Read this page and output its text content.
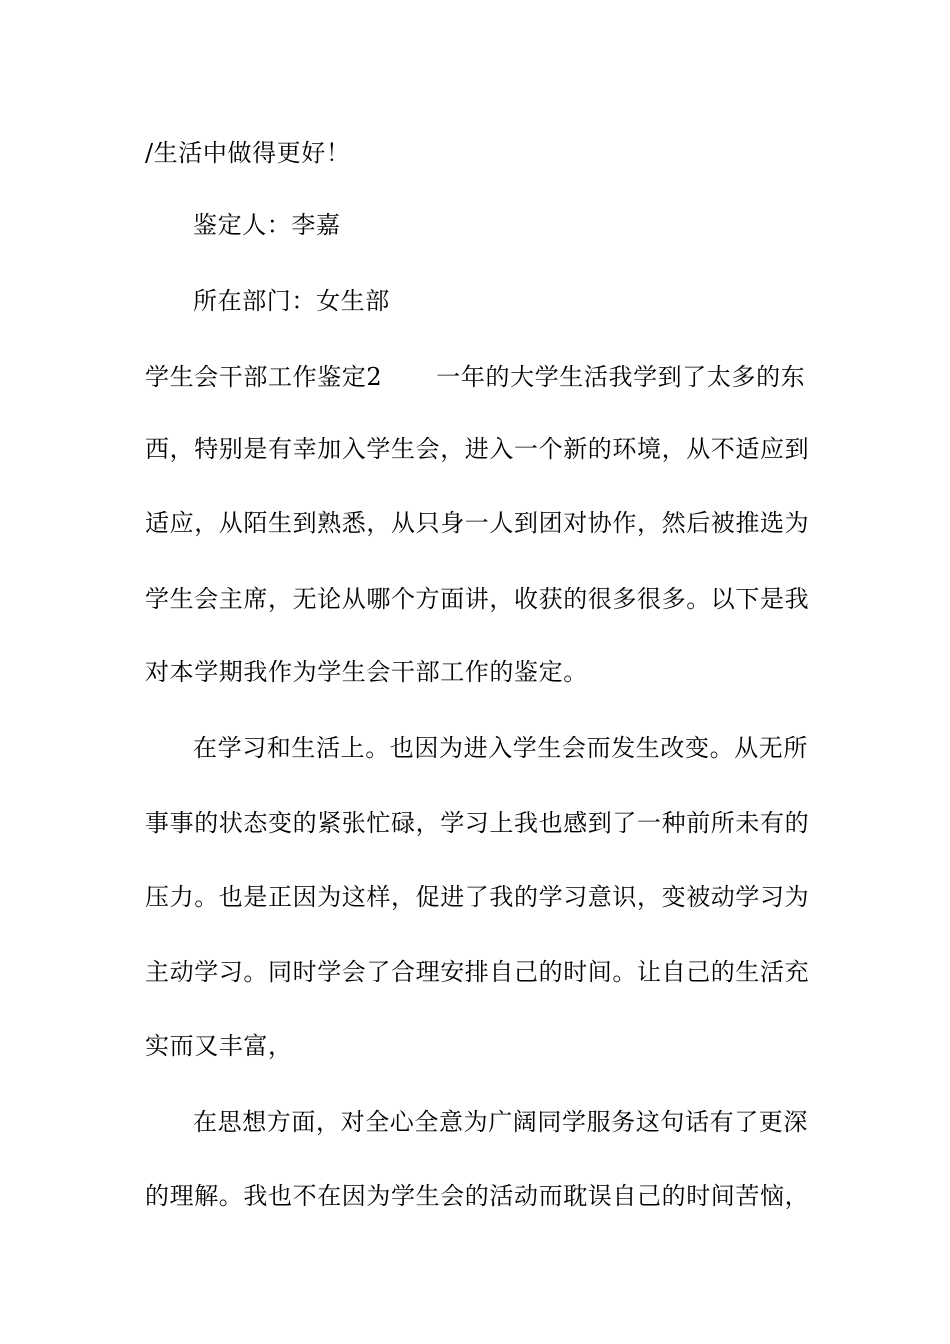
/生活中做得更好！
鉴定人：李嘉
所在部门：女生部
学生会干部工作鉴定2 一年的大学生活我学到了太多的东
西，特别是有幸加入学生会，进入一个新的环境，从不适应到
适应，从陌生到熟悉，从只身一人到团对协作，然后被推选为
学生会主席，无论从哪个方面讲，收获的很多很多。以下是我
对本学期我作为学生会干部工作的鉴定。
在学习和生活上。也因为进入学生会而发生改变。从无所
事事的状态变的紧张忙碌，学习上我也感到了一种前所未有的
压力。也是正因为这样，促进了我的学习意识，变被动学习为
主动学习。同时学会了合理安排自己的时间。让自己的生活充
实而又丰富，
在思想方面，对全心全意为广阔同学服务这句话有了更深
的理解。我也不在因为学生会的活动而耽误自己的时间苦恼，
